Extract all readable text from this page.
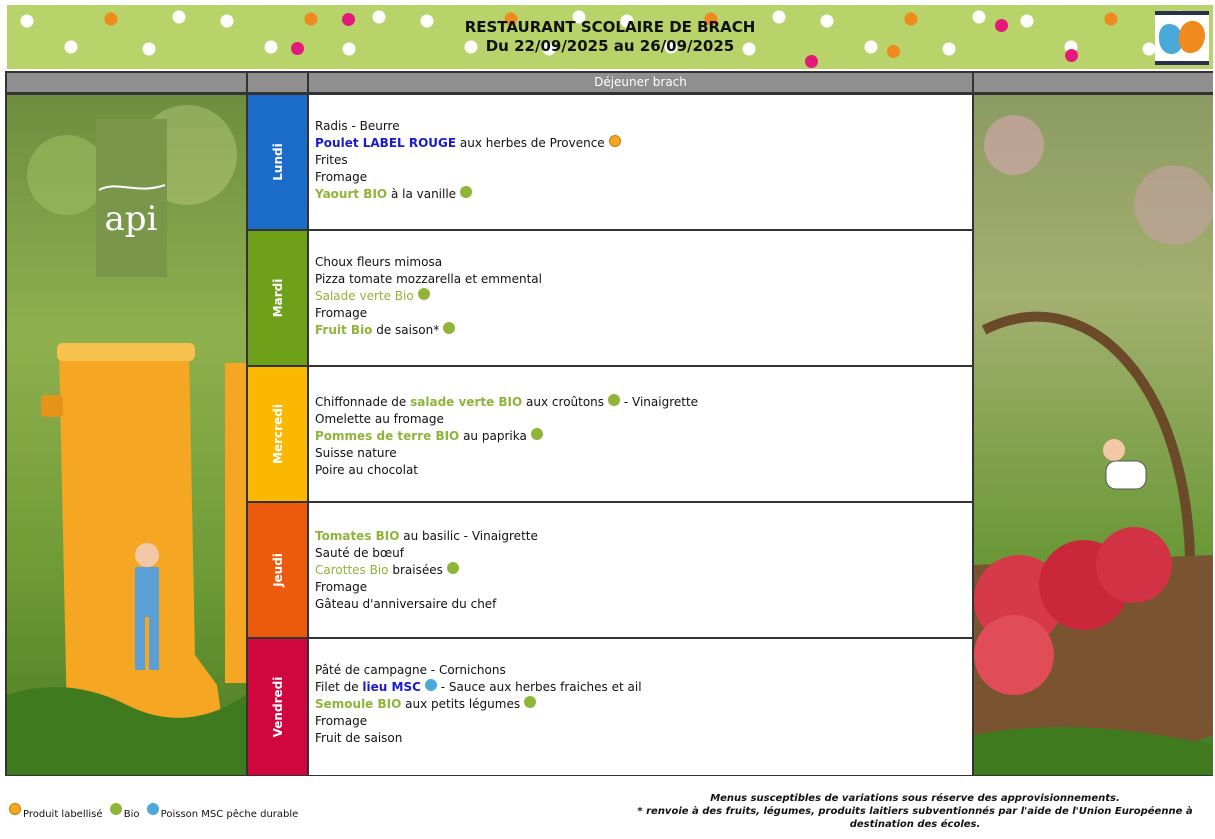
RESTAURANT SCOLAIRE DE BRACH
Du 22/09/2025 au 26/09/2025
Déjeuner brach
api
Lundi
Radis - Beurre
Poulet LABEL ROUGE aux herbes de Provence
Frites
Fromage
Yaourt BIO à la vanille
Mardi
Choux fleurs mimosa
Pizza tomate mozzarella et emmental
Salade verte Bio
Fromage
Fruit Bio de saison*
Mercredi
Chiffonnade de salade verte BIO aux croûtons - Vinaigrette
Omelette au fromage
Pommes de terre BIO au paprika
Suisse nature
Poire au chocolat
Jeudi
Tomates BIO au basilic - Vinaigrette
Sauté de bœuf
Carottes Bio braisées
Fromage
Gâteau d'anniversaire du chef
Vendredi
Pâté de campagne - Cornichons
Filet de lieu MSC - Sauce aux herbes fraiches et ail
Semoule BIO aux petits légumes
Fromage
Fruit de saison
Produit labellisé Bio Poisson MSC pêche durable
Menus susceptibles de variations sous réserve des approvisionnements.
* renvoie à des fruits, légumes, produits laitiers subventionnés par l'aide de l'Union Européenne à destination des écoles.
